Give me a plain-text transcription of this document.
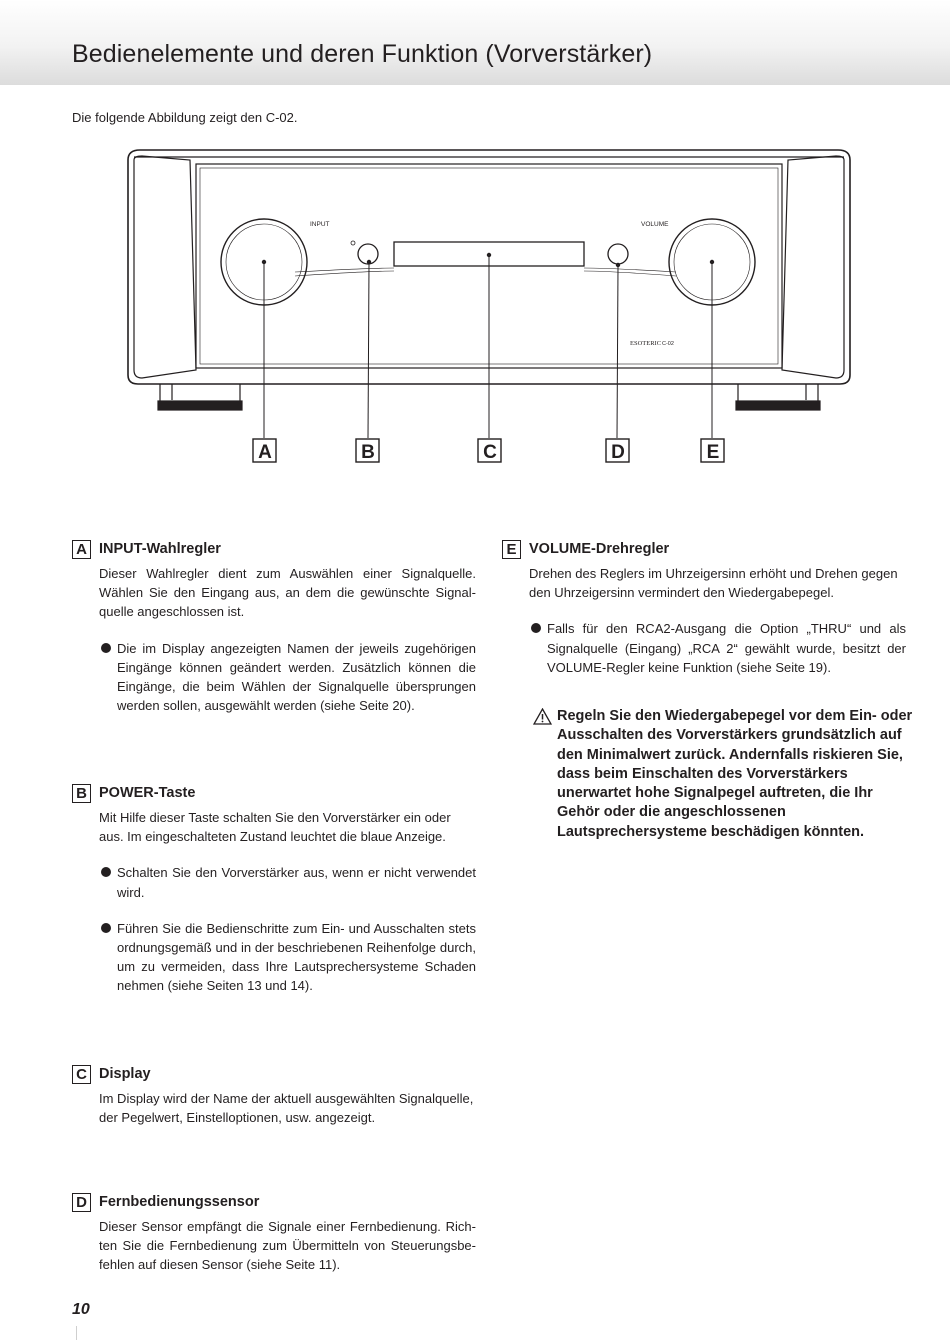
Bedienelemente und deren Funktion (Vorverstärker)

Die folgende Abbildung zeigt den C-02.

INPUT	VOLUME
ESOTERIC C-02
A	B	C	D	E
A INPUT-Wahlregler

Dieser Wahlregler dient zum Auswählen einer Signalquelle. Wählen Sie den Eingang aus, an dem die gewünschte Signalquelle angeschlossen ist.

Die im Display angezeigten Namen der jeweils zugehörigen Eingänge können geändert werden. Zusätzlich können die Eingänge, die beim Wählen der Signalquelle übersprungen werden sollen, ausgewählt werden (siehe Seite 20).

B POWER-Taste

Mit Hilfe dieser Taste schalten Sie den Vorverstärker ein oder aus. Im eingeschalteten Zustand leuchtet die blaue Anzeige.

Schalten Sie den Vorverstärker aus, wenn er nicht verwendet wird.

Führen Sie die Bedienschritte zum Ein- und Ausschalten stets ordnungsgemäß und in der beschriebenen Reihenfolge durch, um zu vermeiden, dass Ihre Lautsprechersysteme Schaden nehmen (siehe Seiten 13 und 14).

C Display

Im Display wird der Name der aktuell ausgewählten Signalquelle, der Pegelwert, Einstelloptionen, usw. angezeigt.

D Fernbedienungssensor

Dieser Sensor empfängt die Signale einer Fernbedienung. Richten Sie die Fernbedienung zum Übermitteln von Steuerungsbefehlen auf diesen Sensor (siehe Seite 11).

E VOLUME-Drehregler

Drehen des Reglers im Uhrzeigersinn erhöht und Drehen gegen den Uhrzeigersinn vermindert den Wiedergabepegel.

Falls für den RCA2-Ausgang die Option „THRU“ und als Signalquelle (Eingang) „RCA 2“ gewählt wurde, besitzt der VOLUME-Regler keine Funktion (siehe Seite 19).

Regeln Sie den Wiedergabepegel vor dem Ein- oder Ausschalten des Vorverstärkers grundsätzlich auf den Minimalwert zurück. Andernfalls riskieren Sie, dass beim Einschalten des Vorverstärkers unerwartet hohe Signalpegel auftreten, die Ihr Gehör oder die angeschlossenen Lautsprechersysteme beschädigen könnten.

10
